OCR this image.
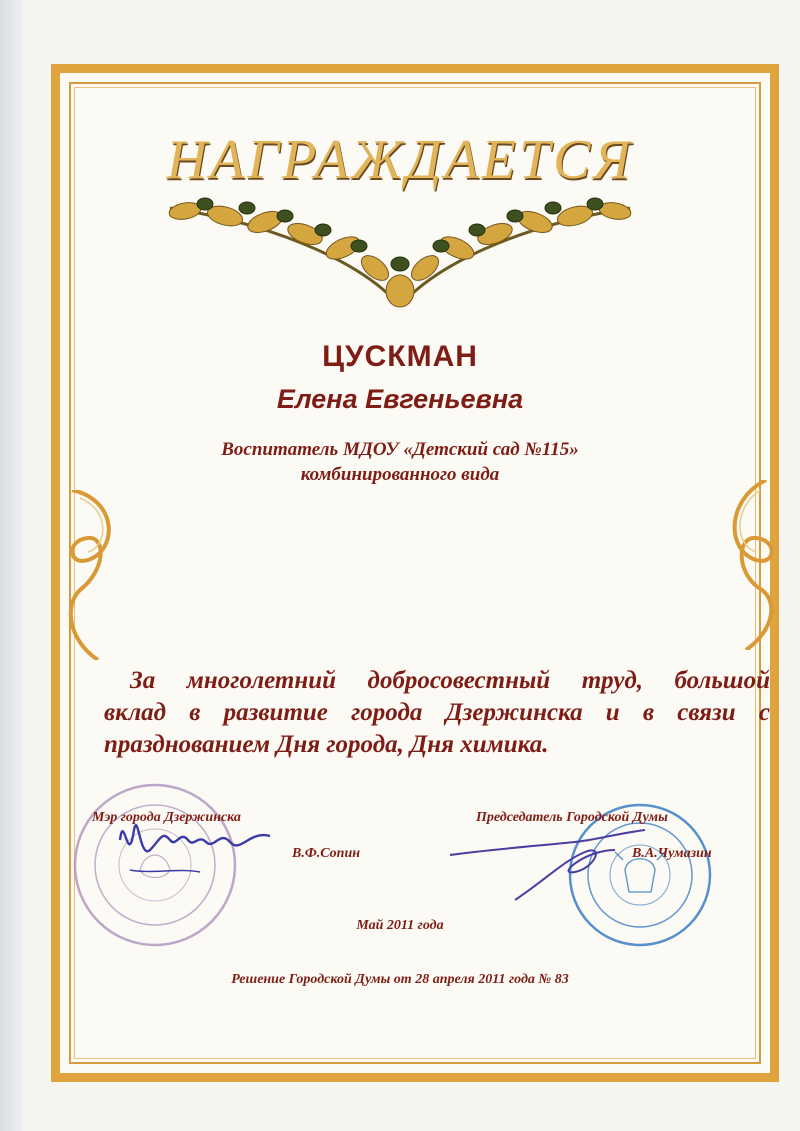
НАГРАЖДАЕТСЯ
ЦУСКМАН
Елена Евгеньевна
Воспитатель МДОУ «Детский сад №115»
комбинированного вида
За многолетний добросовестный труд, большой
вклад в развитие города Дзержинска и в связи с
празднованием Дня города, Дня химика.
Мэр города Дзержинска
В.Ф.Сопин
Председатель Городской Думы
В.А.Чумазин
Май 2011 года
Решение Городской Думы от 28 апреля 2011 года № 83
